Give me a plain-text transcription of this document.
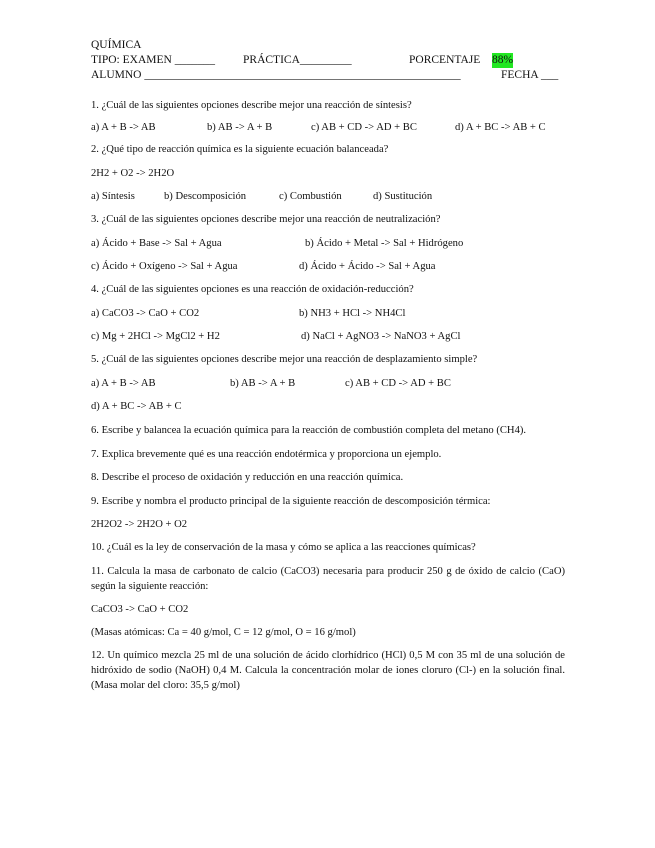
QUÍMICA
TIPO: EXAMEN _______ PRÁCTICA_________	PORCENTAJE 88%
ALUMNO _______________________________________________________	FECHA ___

1. ¿Cuál de las siguientes opciones describe mejor una reacción de síntesis?

a) A + B -> AB	b) AB -> A + B	c) AB + CD -> AD + BC	d) A + BC -> AB + C

2. ¿Qué tipo de reacción química es la siguiente ecuación balanceada?

2H2 + O2 -> 2H2O

a) Síntesis	b) Descomposición	c) Combustión	d) Sustitución

3. ¿Cuál de las siguientes opciones describe mejor una reacción de neutralización?

a) Ácido + Base -> Sal + Agua	b) Ácido + Metal -> Sal + Hidrógeno
c) Ácido + Oxígeno -> Sal + Agua	d) Ácido + Ácido -> Sal + Agua

4. ¿Cuál de las siguientes opciones es una reacción de oxidación-reducción?

a) CaCO3 -> CaO + CO2	b) NH3 + HCl -> NH4Cl
c) Mg + 2HCl -> MgCl2 + H2	d) NaCl + AgNO3 -> NaNO3 + AgCl

5. ¿Cuál de las siguientes opciones describe mejor una reacción de desplazamiento simple?

a) A + B -> AB	b) AB -> A + B	c) AB + CD -> AD + BC
d) A + BC -> AB + C

6. Escribe y balancea la ecuación química para la reacción de combustión completa del metano (CH4).

7. Explica brevemente qué es una reacción endotérmica y proporciona un ejemplo.

8. Describe el proceso de oxidación y reducción en una reacción química.

9. Escribe y nombra el producto principal de la siguiente reacción de descomposición térmica:

2H2O2 -> 2H2O + O2

10. ¿Cuál es la ley de conservación de la masa y cómo se aplica a las reacciones químicas?

11. Calcula la masa de carbonato de calcio (CaCO3) necesaria para producir 250 g de óxido de calcio (CaO) según la siguiente reacción:

CaCO3 -> CaO + CO2

(Masas atómicas: Ca = 40 g/mol, C = 12 g/mol, O = 16 g/mol)

12. Un químico mezcla 25 ml de una solución de ácido clorhídrico (HCl) 0,5 M con 35 ml de una solución de hidróxido de sodio (NaOH) 0,4 M. Calcula la concentración molar de iones cloruro (Cl-) en la solución final. (Masa molar del cloro: 35,5 g/mol)
